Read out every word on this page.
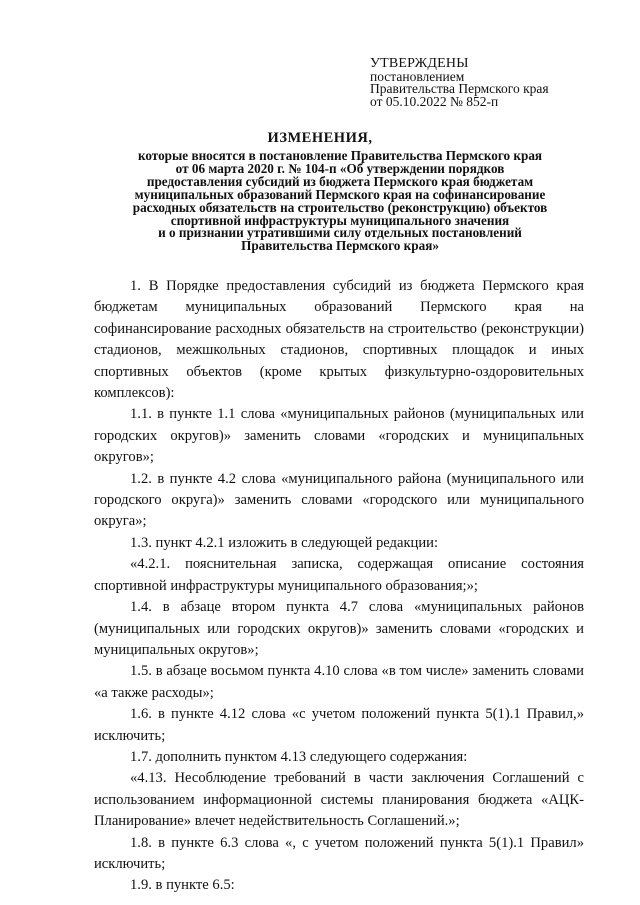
УТВЕРЖДЕНЫ
постановлением
Правительства Пермского края
от 05.10.2022 № 852-п
ИЗМЕНЕНИЯ,
которые вносятся в постановление Правительства Пермского края
от 06 марта 2020 г. № 104-п «Об утверждении порядков
предоставления субсидий из бюджета Пермского края бюджетам
муниципальных образований Пермского края на софинансирование
расходных обязательств на строительство (реконструкцию) объектов
спортивной инфраструктуры муниципального значения
и о признании утратившими силу отдельных постановлений
Правительства Пермского края»

1. В Порядке предоставления субсидий из бюджета Пермского края бюджетам муниципальных образований Пермского края на софинансирование расходных обязательств на строительство (реконструкции) стадионов, межшкольных стадионов, спортивных площадок и иных спортивных объектов (кроме крытых физкультурно-оздоровительных комплексов):

1.1. в пункте 1.1 слова «муниципальных районов (муниципальных или городских округов)» заменить словами «городских и муниципальных округов»;

1.2. в пункте 4.2 слова «муниципального района (муниципального или городского округа)» заменить словами «городского или муниципального округа»;

1.3. пункт 4.2.1 изложить в следующей редакции:

«4.2.1. пояснительная записка, содержащая описание состояния спортивной инфраструктуры муниципального образования;»;

1.4. в абзаце втором пункта 4.7 слова «муниципальных районов (муниципальных или городских округов)» заменить словами «городских и муниципальных округов»;

1.5. в абзаце восьмом пункта 4.10 слова «в том числе» заменить словами «а также расходы»;

1.6. в пункте 4.12 слова «с учетом положений пункта 5(1).1 Правил,» исключить;

1.7. дополнить пунктом 4.13 следующего содержания:

«4.13. Несоблюдение требований в части заключения Соглашений с использованием информационной системы планирования бюджета «АЦК-Планирование» влечет недействительность Соглашений.»;

1.8. в пункте 6.3 слова «, с учетом положений пункта 5(1).1 Правил» исключить;

1.9. в пункте 6.5:
